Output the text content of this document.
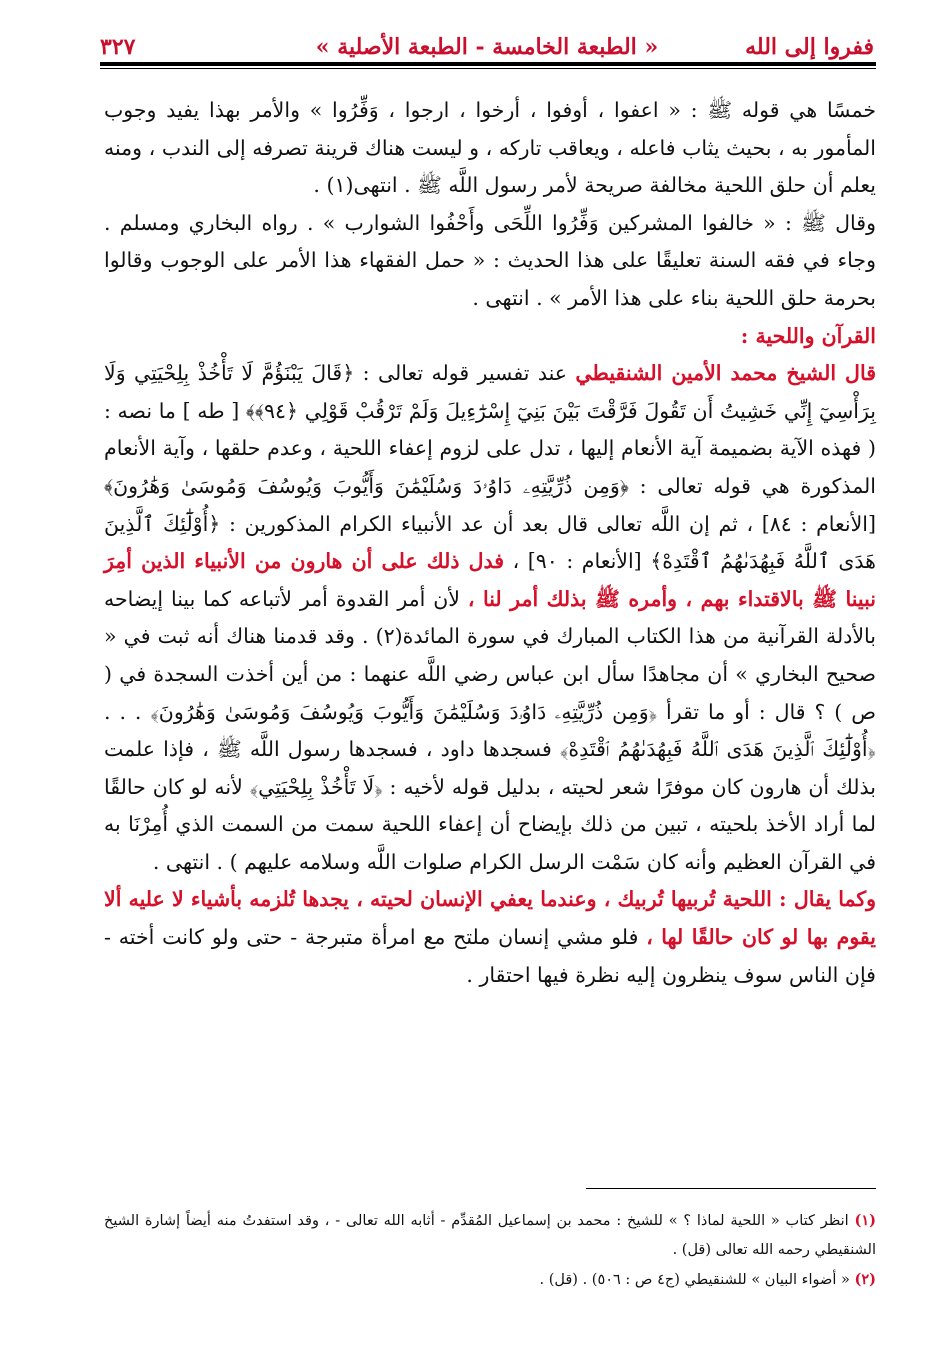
٣٢٧	« الطبعة الخامسة - الطبعة الأصلية »	ففروا إلى الله

خمسًا هي قوله ﷺ : « اعفوا ، أوفوا ، أرخوا ، ارجوا ، وَفِّرُوا » والأمر بهذا يفيد وجوب المأمور به ، بحيث يثاب فاعله ، ويعاقب تاركه ، و ليست هناك قرينة تصرفه إلى الندب ، ومنه يعلم أن حلق اللحية مخالفة صريحة لأمر رسول اللَّه ﷺ . انتهى(١) .

وقال ﷺ : « خالفوا المشركين وَفِّرُوا اللِّحَى وأَحْفُوا الشوارب » . رواه البخاري ومسلم . وجاء في فقه السنة تعليقًا على هذا الحديث : « حمل الفقهاء هذا الأمر على الوجوب وقالوا بحرمة حلق اللحية بناء على هذا الأمر » . انتهى .

القرآن واللحية :

قال الشيخ محمد الأمين الشنقيطي عند تفسير قوله تعالى : ﴿قَالَ يَبْنَؤُمَّ لَا تَأْخُذْ بِلِحْيَتِي وَلَا بِرَأْسِيٓ إِنِّي خَشِيتُ أَن تَقُولَ فَرَّقْتَ بَيْنَ بَنِيٓ إِسْرَٰٓءِيلَ وَلَمْ تَرْقُبْ قَوْلِي ﴿٩٤﴾﴾ [ طه ] ما نصه : ( فهذه الآية بضميمة آية الأنعام إليها ، تدل على لزوم إعفاء اللحية ، وعدم حلقها ، وآية الأنعام المذكورة هي قوله تعالى : ﴿وَمِن ذُرِّيَّتِهِۦ دَاوُۥدَ وَسُلَيْمَٰنَ وَأَيُّوبَ وَيُوسُفَ وَمُوسَىٰ وَهَٰرُونَ﴾ [الأنعام : ٨٤] ، ثم إن اللَّه تعالى قال بعد أن عد الأنبياء الكرام المذكورين : ﴿أُوْلَٰٓئِكَ ٱلَّذِينَ هَدَى ٱللَّهُ فَبِهُدَىٰهُمُ ٱقْتَدِهْ﴾ [الأنعام : ٩٠] ، فدل ذلك على أن هارون من الأنبياء الذين أمِرَ نبينا ﷺ بالاقتداء بهم ، وأمره ﷺ بذلك أمر لنا ، لأن أمر القدوة أمر لأتباعه كما بينا إيضاحه بالأدلة القرآنية من هذا الكتاب المبارك في سورة المائدة(٢) . وقد قدمنا هناك أنه ثبت في « صحيح البخاري » أن مجاهدًا سأل ابن عباس رضي اللَّه عنهما : من أين أخذت السجدة في ( ص ) ؟ قال : أو ما تقرأ ﴿وَمِن ذُرِّيَّتِهِۦ دَاوُۥدَ وَسُلَيْمَٰنَ وَأَيُّوبَ وَيُوسُفَ وَمُوسَىٰ وَهَٰرُونَ﴾ . . . ﴿أُوْلَٰٓئِكَ ٱلَّذِينَ هَدَى ٱللَّهُ فَبِهُدَىٰهُمُ ٱقْتَدِهْ﴾ فسجدها داود ، فسجدها رسول اللَّه ﷺ ، فإذا علمت بذلك أن هارون كان موفرًا شعر لحيته ، بدليل قوله لأخيه : ﴿لَا تَأْخُذْ بِلِحْيَتِي﴾ لأنه لو كان حالقًا لما أراد الأخذ بلحيته ، تبين من ذلك بإيضاح أن إعفاء اللحية سمت من السمت الذي أُمِرْنَا به في القرآن العظيم وأنه كان سَمْت الرسل الكرام صلوات اللَّه وسلامه عليهم ) . انتهى .

وكما يقال : اللحية تُربيها تُربيك ، وعندما يعفي الإنسان لحيته ، يجدها تُلزمه بأشياء لا عليه ألا يقوم بها لو كان حالقًا لها ، فلو مشي إنسان ملتح مع امرأة متبرجة - حتى ولو كانت أخته - فإن الناس سوف ينظرون إليه نظرة فيها احتقار .

(١) انظر كتاب « اللحية لماذا ؟ » للشيخ : محمد بن إسماعيل المُقدِّم - أثابه الله تعالى - ، وقد استفدتُ منه أيضاً إشارة الشيخ الشنقيطي رحمه الله تعالى (قل) .

(٢) « أضواء البيان » للشنقيطي (ج٤ ص : ٥٠٦) . (قل) .
